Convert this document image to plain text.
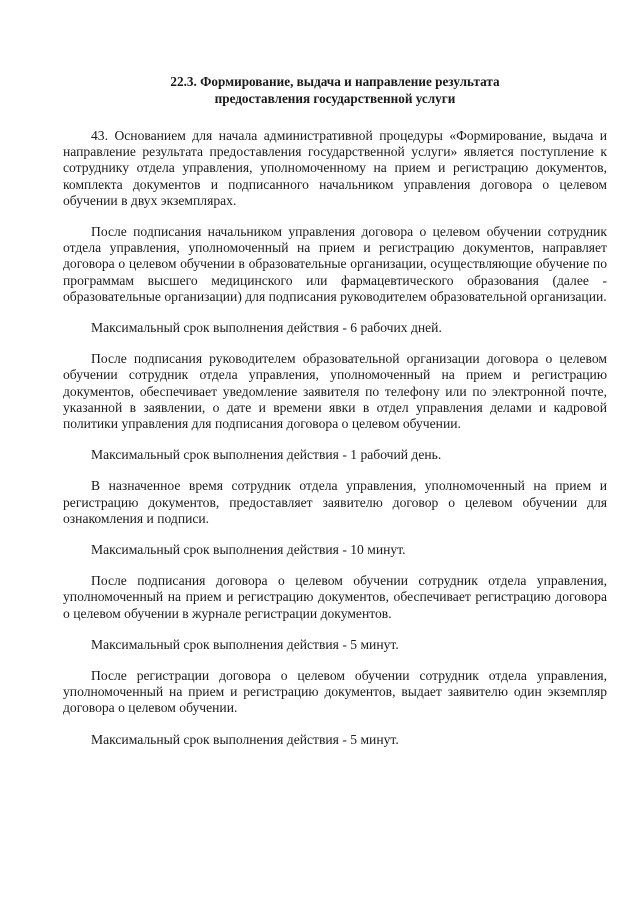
22.3. Формирование, выдача и направление результата
предоставления государственной услуги

43. Основанием для начала административной процедуры «Формирование, выдача и направление результата предоставления государственной услуги» является поступление к сотруднику отдела управления, уполномоченному на прием и регистрацию документов, комплекта документов и подписанного начальником управления договора о целевом обучении в двух экземплярах.

После подписания начальником управления договора о целевом обучении сотрудник отдела управления, уполномоченный на прием и регистрацию документов, направляет договора о целевом обучении в образовательные организации, осуществляющие обучение по программам высшего медицинского или фармацевтического образования (далее - образовательные организации) для подписания руководителем образовательной организации.

Максимальный срок выполнения действия - 6 рабочих дней.

После подписания руководителем образовательной организации договора о целевом обучении сотрудник отдела управления, уполномоченный на прием и регистрацию документов, обеспечивает уведомление заявителя по телефону или по электронной почте, указанной в заявлении, о дате и времени явки в отдел управления делами и кадровой политики управления для подписания договора о целевом обучении.

Максимальный срок выполнения действия - 1 рабочий день.

В назначенное время сотрудник отдела управления, уполномоченный на прием и регистрацию документов, предоставляет заявителю договор о целевом обучении для ознакомления и подписи.

Максимальный срок выполнения действия - 10 минут.

После подписания договора о целевом обучении сотрудник отдела управления, уполномоченный на прием и регистрацию документов, обеспечивает регистрацию договора о целевом обучении в журнале регистрации документов.

Максимальный срок выполнения действия - 5 минут.

После регистрации договора о целевом обучении сотрудник отдела управления, уполномоченный на прием и регистрацию документов, выдает заявителю один экземпляр договора о целевом обучении.

Максимальный срок выполнения действия - 5 минут.
